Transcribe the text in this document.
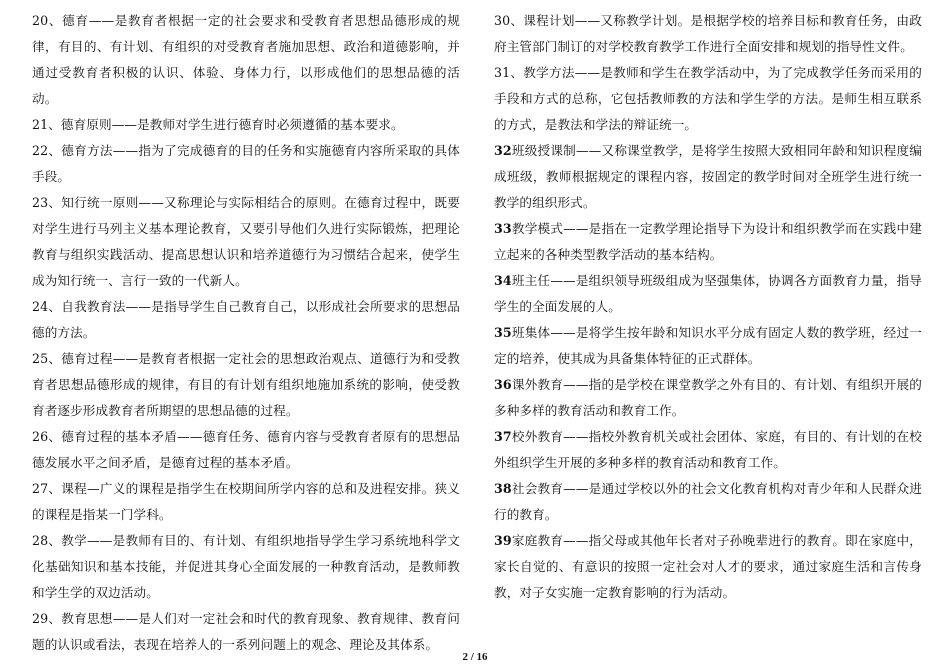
20、德育——是教育者根据一定的社会要求和受教育者思想品德形成的规律，有目的、有计划、有组织的对受教育者施加思想、政治和道德影响，并通过受教育者积极的认识、体验、身体力行，以形成他们的思想品德的活动。
21、德育原则——是教师对学生进行德育时必须遵循的基本要求。
22、德育方法——指为了完成德育的目的任务和实施德育内容所采取的具体手段。
23、知行统一原则——又称理论与实际相结合的原则。在德育过程中，既要对学生进行马列主义基本理论教育，又要引导他们久进行实际锻炼，把理论教育与组织实践活动、提高思想认识和培养道德行为习惯结合起来，使学生成为知行统一、言行一致的一代新人。
24、自我教育法——是指导学生自己教育自己，以形成社会所要求的思想品德的方法。
25、德育过程——是教育者根据一定社会的思想政治观点、道德行为和受教育者思想品德形成的规律，有目的有计划有组织地施加系统的影响，使受教育者逐步形成教育者所期望的思想品德的过程。
26、德育过程的基本矛盾——德育任务、德育内容与受教育者原有的思想品德发展水平之间矛盾，是德育过程的基本矛盾。
27、课程—广义的课程是指学生在校期间所学内容的总和及进程安排。狭义的课程是指某一门学科。
28、教学——是教师有目的、有计划、有组织地指导学生学习系统地科学文化基础知识和基本技能，并促进其身心全面发展的一种教育活动，是教师教和学生学的双边活动。
29、教育思想——是人们对一定社会和时代的教育现象、教育规律、教育问题的认识或看法，表现在培养人的一系列问题上的观念、理论及其体系。
30、课程计划——又称教学计划。是根据学校的培养目标和教育任务，由政府主管部门制订的对学校教育教学工作进行全面安排和规划的指导性文件。
31、教学方法——是教师和学生在教学活动中，为了完成教学任务而采用的手段和方式的总称，它包括教师教的方法和学生学的方法。是师生相互联系的方式，是教法和学法的辩证统一。
32班级授课制——又称课堂教学，是将学生按照大致相同年龄和知识程度编成班级，教师根据规定的课程内容，按固定的教学时间对全班学生进行统一教学的组织形式。
33教学模式——是指在一定教学理论指导下为设计和组织教学而在实践中建立起来的各种类型教学活动的基本结构。
34班主任——是组织领导班级组成为坚强集体，协调各方面教育力量，指导学生的全面发展的人。
35班集体——是将学生按年龄和知识水平分成有固定人数的教学班，经过一定的培养，使其成为具备集体特征的正式群体。
36课外教育——指的是学校在课堂教学之外有目的、有计划、有组织开展的多种多样的教育活动和教育工作。
37校外教育——指校外教育机关或社会团体、家庭，有目的、有计划的在校外组织学生开展的多种多样的教育活动和教育工作。
38社会教育——是通过学校以外的社会文化教育机构对青少年和人民群众进行的教育。
39家庭教育——指父母或其他年长者对子孙晚辈进行的教育。即在家庭中，家长自觉的、有意识的按照一定社会对人才的要求，通过家庭生活和言传身教，对子女实施一定教育影响的行为活动。
2 / 16
